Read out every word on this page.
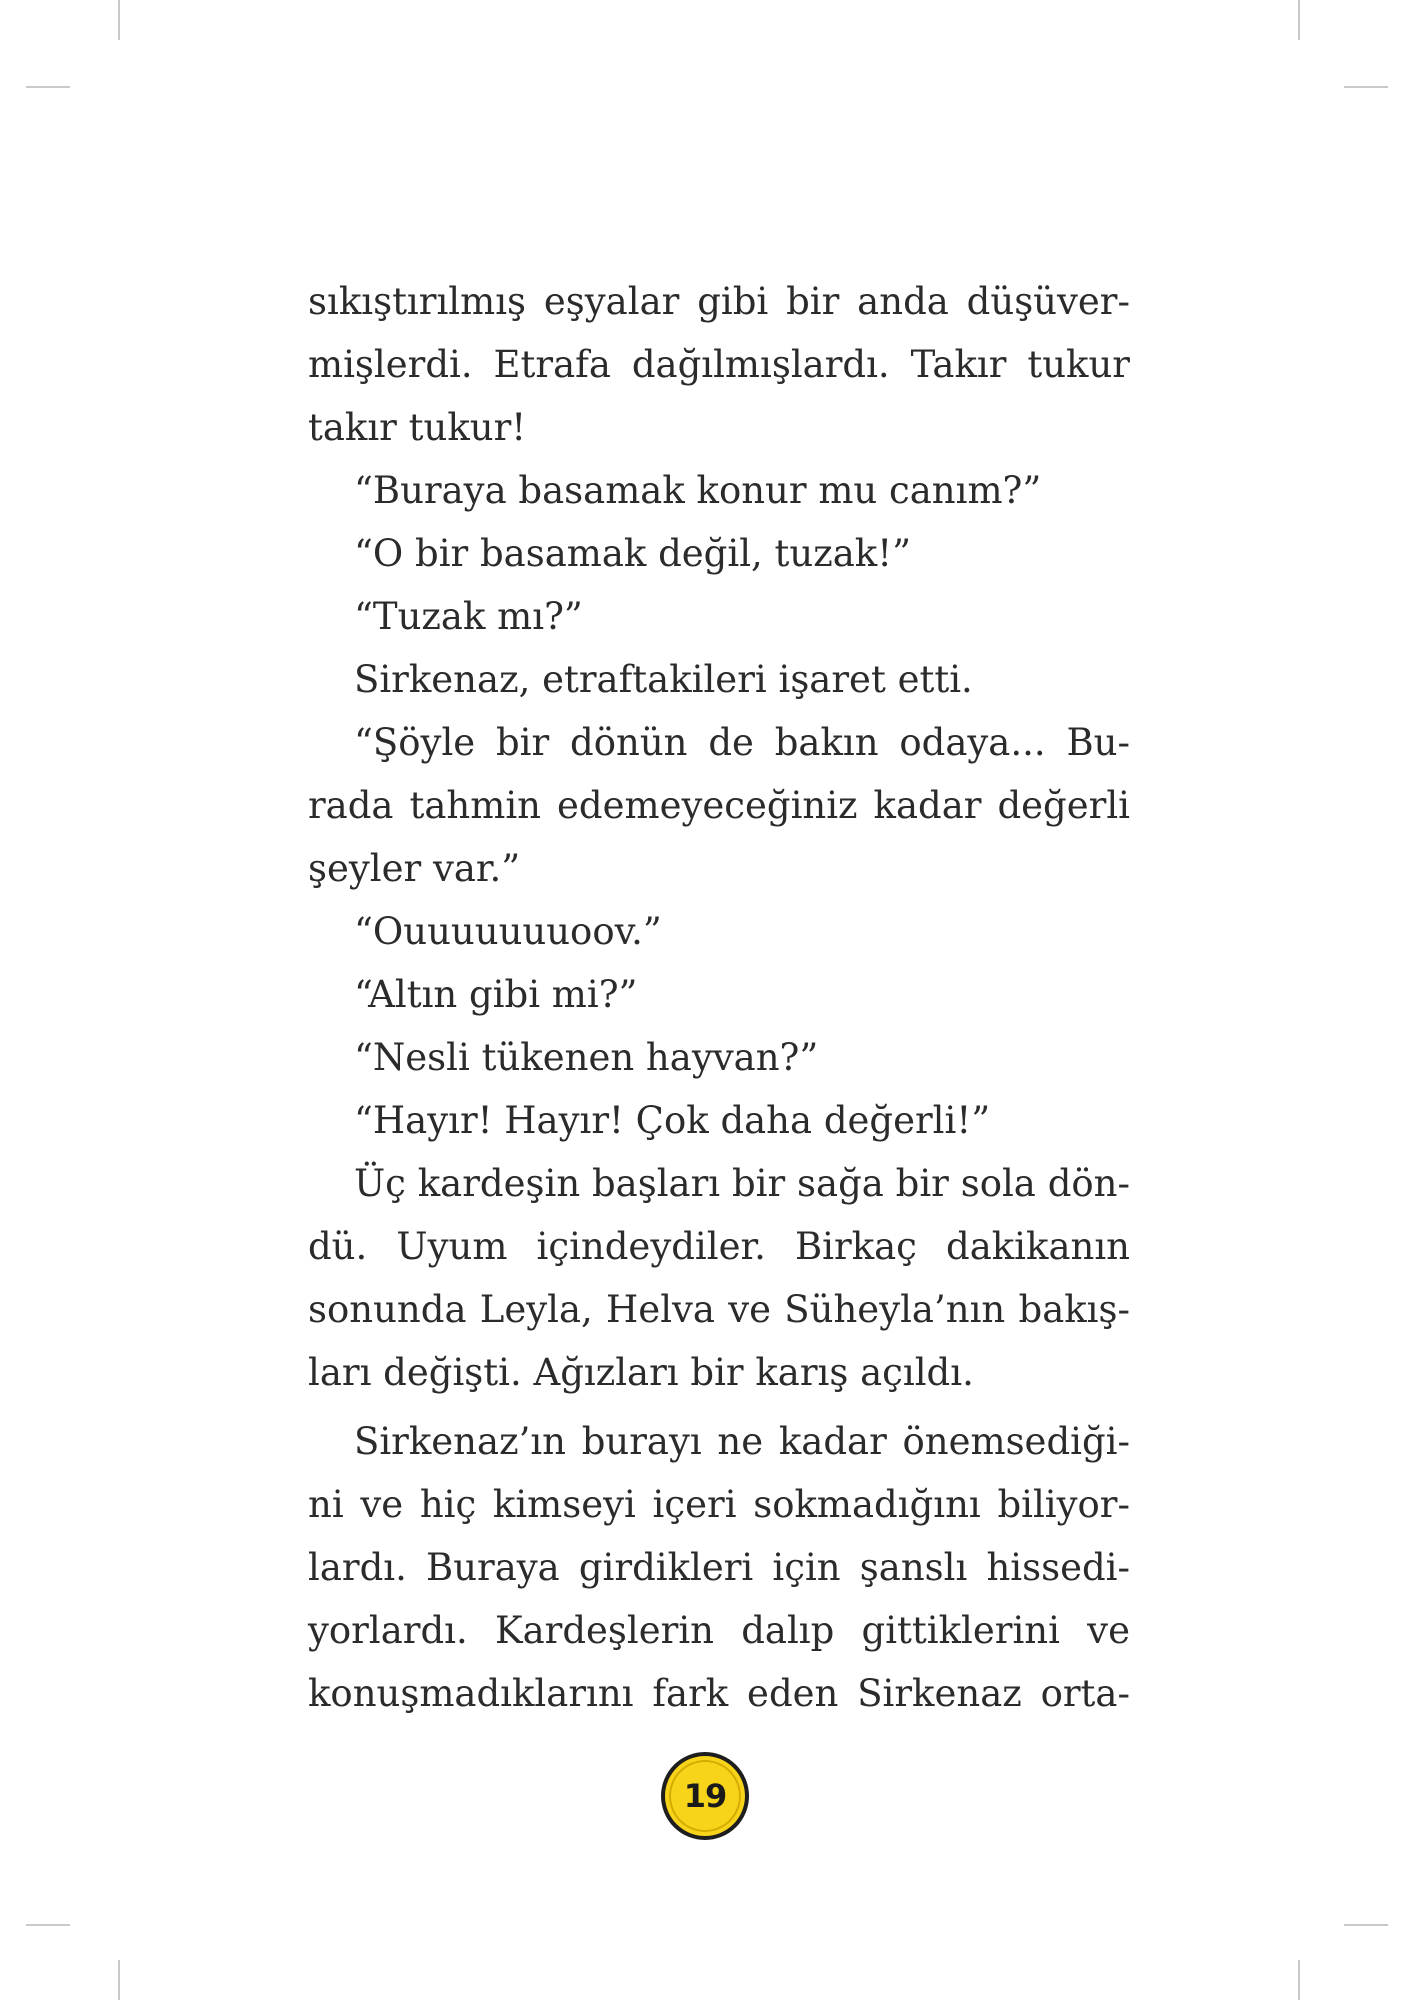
sıkıştırılmış eşyalar gibi bir anda düşüver-
mişlerdi. Etrafa dağılmışlardı. Takır tukur
takır tukur!
“Buraya basamak konur mu canım?”
“O bir basamak değil, tuzak!”
“Tuzak mı?”
Sirkenaz, etraftakileri işaret etti.
“Şöyle bir dönün de bakın odaya... Bu-
rada tahmin edemeyeceğiniz kadar değerli
şeyler var.”
“Ouuuuuuuoov.”
“Altın gibi mi?”
“Nesli tükenen hayvan?”
“Hayır! Hayır! Çok daha değerli!”
Üç kardeşin başları bir sağa bir sola dön-
dü. Uyum içindeydiler. Birkaç dakikanın
sonunda Leyla, Helva ve Süheyla’nın bakış-
ları değişti. Ağızları bir karış açıldı.
Sirkenaz’ın burayı ne kadar önemsediği-
ni ve hiç kimseyi içeri sokmadığını biliyor-
lardı. Buraya girdikleri için şanslı hissedi-
yorlardı. Kardeşlerin dalıp gittiklerini ve
konuşmadıklarını fark eden Sirkenaz orta-
19
